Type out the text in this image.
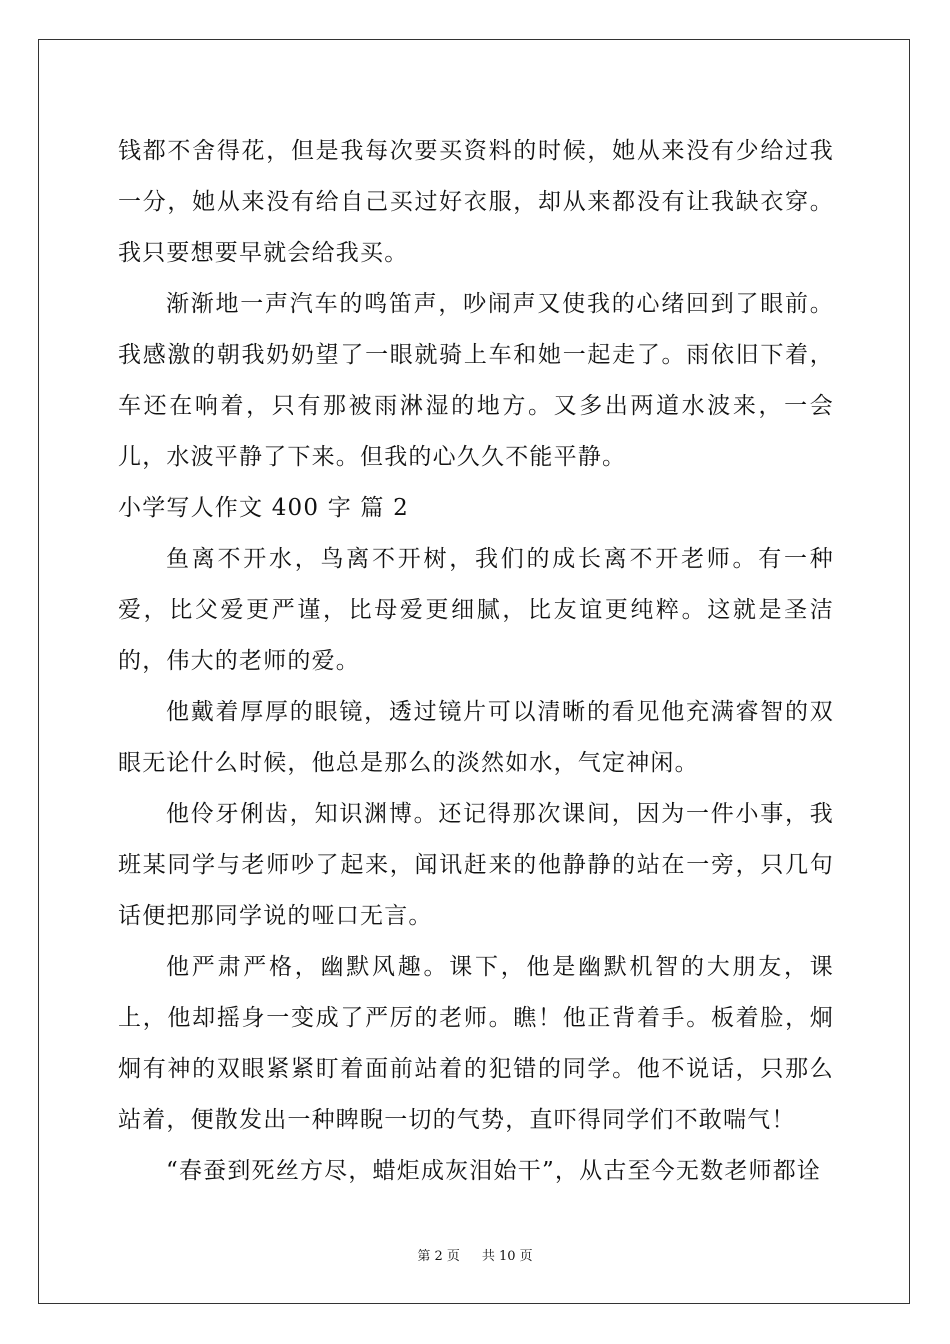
钱都不舍得花，但是我每次要买资料的时候，她从来没有少给过我一分，她从来没有给自己买过好衣服，却从来都没有让我缺衣穿。我只要想要早就会给我买。

渐渐地一声汽车的鸣笛声，吵闹声又使我的心绪回到了眼前。我感激的朝我奶奶望了一眼就骑上车和她一起走了。雨依旧下着，车还在响着，只有那被雨淋湿的地方。又多出两道水波来，一会儿，水波平静了下来。但我的心久久不能平静。

小学写人作文 400 字 篇 2

鱼离不开水，鸟离不开树，我们的成长离不开老师。有一种爱，比父爱更严谨，比母爱更细腻，比友谊更纯粹。这就是圣洁的，伟大的老师的爱。

他戴着厚厚的眼镜，透过镜片可以清晰的看见他充满睿智的双眼无论什么时候，他总是那么的淡然如水，气定神闲。

他伶牙俐齿，知识渊博。还记得那次课间，因为一件小事，我班某同学与老师吵了起来，闻讯赶来的他静静的站在一旁，只几句话便把那同学说的哑口无言。

他严肃严格，幽默风趣。课下，他是幽默机智的大朋友，课上，他却摇身一变成了严厉的老师。瞧！他正背着手。板着脸，炯炯有神的双眼紧紧盯着面前站着的犯错的同学。他不说话，只那么站着，便散发出一种睥睨一切的气势，直吓得同学们不敢喘气！

“春蚕到死丝方尽，蜡炬成灰泪始干”，从古至今无数老师都诠

第 2 页 共 10 页
